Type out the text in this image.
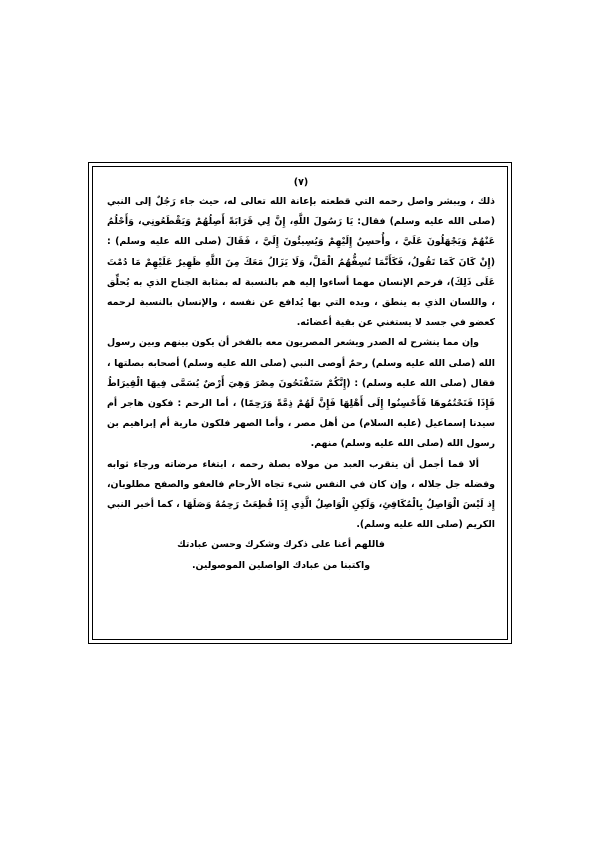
(٧)

ذلك ، ويبشر واصل رحمه التي قطعته بإعانة الله تعالى له، حيث جاء رَجُلٌ إلى النبي (صلى الله عليه وسلم) فقال: يَا رَسُولَ اللَّهِ، إِنَّ لِي قَرَابَةً أَصِلُهُمْ وَيَقْطَعُونِي، وَأَحْلُمُ عَنْهُمْ وَيَجْهَلُونَ عَلَيَّ ، وأُحسِنُ إِلَيْهِمْ وَيُسِيئُونَ إِلَيَّ ، فَقَالَ (صلى الله عليه وسلم) : (إِنْ كَانَ كَمَا تَقُولُ، فَكَأَنَّمَا تُسِفُّهُمُ الْمَلَّ، وَلَا يَزَالُ مَعَكَ مِنَ اللَّهِ ظَهِيرٌ عَلَيْهِمْ مَا دُمْتَ عَلَى ذَلِكَ)، فرحم الإنسان مهما أساءوا إليه هم بالنسبة له بمثابة الجناح الذي به يُحلِّق ، واللسان الذي به ينطق ، ويده التي بها يُدافع عن نفسه ، والإنسان بالنسبة لرحمه كعضو في جسد لا يستغني عن بقية أعضائه.

وإن مما ينشرح له الصدر ويشعر المصريون معه بالفخر أن يكون بينهم وبين رسول الله (صلى الله عليه وسلم) رحمٌ أوصى النبي (صلى الله عليه وسلم) أصحابه بصلتها ، فقال (صلى الله عليه وسلم) : (إِنَّكُمْ سَتَفْتَحُونَ مِصْرَ وَهِيَ أَرْضٌ يُسَمَّى فِيهَا الْقِيرَاطُ فَإِذَا فَتَحْتُمُوهَا فَأَحْسِنُوا إِلَى أَهْلِهَا فَإِنَّ لَهُمْ ذِمَّةً وَرَحِمًا) ، أما الرحم : فكون هاجر أم سيدنا إسماعيل (عليه السلام) من أهل مصر ، وأما الصهر فلكون مارية أم إبراهيم بن رسول الله (صلى الله عليه وسلم) منهم.

ألا فما أجمل أن يتقرب العبد من مولاه بصلة رحمه ، ابتغاء مرضاته ورجاء ثوابه وفضله جل جلاله ، وإن كان في النفس شيء تجاه الأرحام فالعفو والصفح مطلوبان، إِذ لَيْسَ الْوَاصِلُ بِالْمُكَافِئِ، وَلَكِنِ الْوَاصِلُ الَّذِي إِذَا قُطِعَتْ رَحِمُهُ وَصَلَهَا ، كما أخبر النبي الكريم (صلى الله عليه وسلم).

فاللهم أعنا على ذكرك وشكرك وحسن عبادتك

واكتبنا من عبادك الواصلين الموصولين.
